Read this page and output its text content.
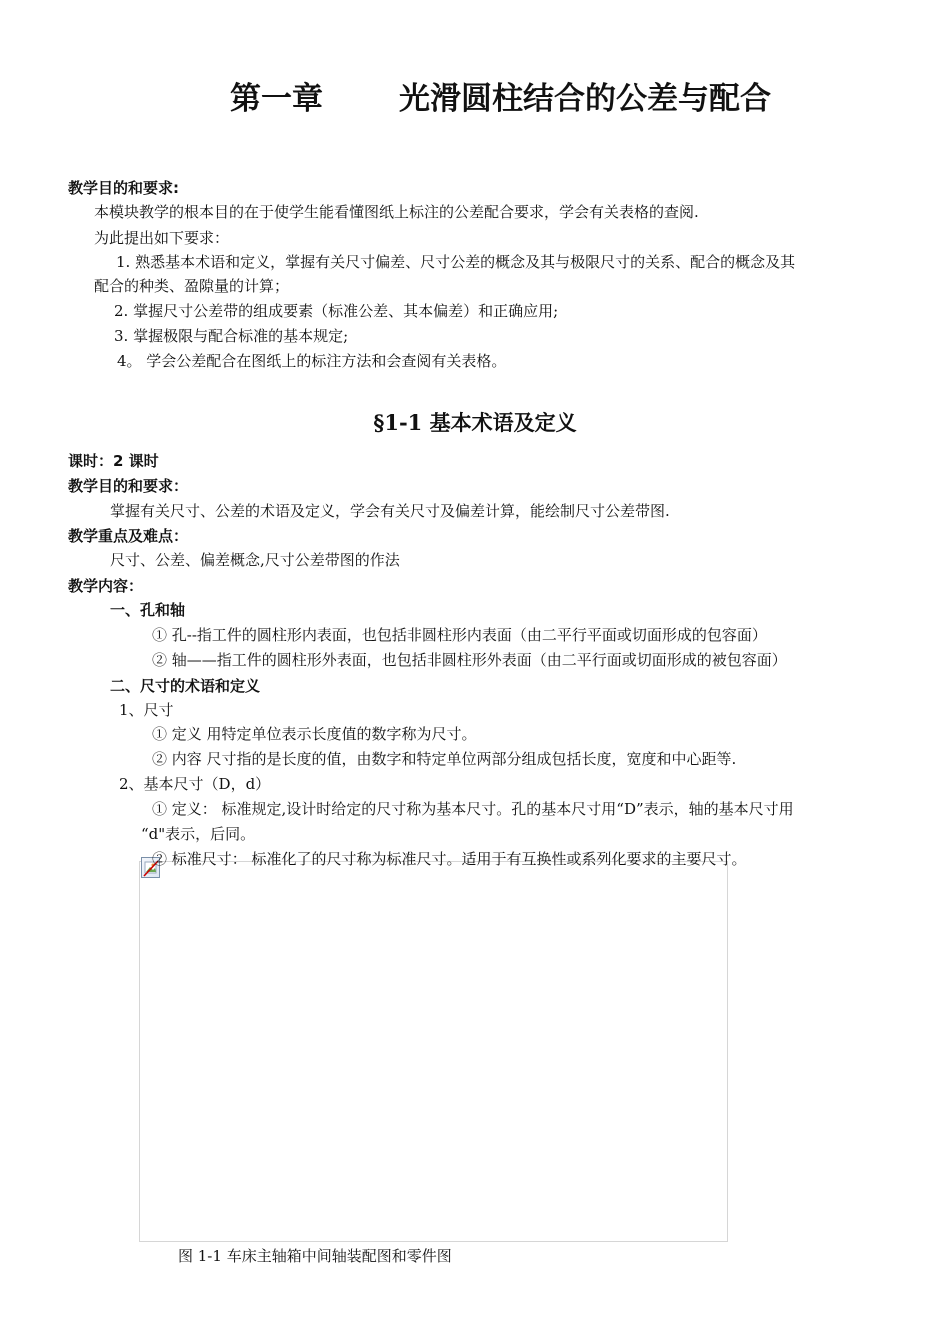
第一章 光滑圆柱结合的公差与配合
教学目的和要求:
本模块教学的根本目的在于使学生能看懂图纸上标注的公差配合要求，学会有关表格的查阅.
为此提出如下要求：
1. 熟悉基本术语和定义，掌握有关尺寸偏差、尺寸公差的概念及其与极限尺寸的关系、配合的概念及其
配合的种类、盈隙量的计算；
2. 掌握尺寸公差带的组成要素（标准公差、其本偏差）和正确应用;
3. 掌握极限与配合标准的基本规定;
4。 学会公差配合在图纸上的标注方法和会查阅有关表格。
§1-1 基本术语及定义
课时：2 课时
教学目的和要求：
掌握有关尺寸、公差的术语及定义，学会有关尺寸及偏差计算，能绘制尺寸公差带图.
教学重点及难点：
尺寸、公差、偏差概念,尺寸公差带图的作法
教学内容：
一、孔和轴
① 孔--指工件的圆柱形内表面，也包括非圆柱形内表面（由二平行平面或切面形成的包容面）
② 轴——指工件的圆柱形外表面，也包括非圆柱形外表面（由二平行面或切面形成的被包容面）
二、尺寸的术语和定义
1、尺寸
① 定义 用特定单位表示长度值的数字称为尺寸。
② 内容 尺寸指的是长度的值，由数字和特定单位两部分组成包括长度，宽度和中心距等.
2、基本尺寸（D，d）
① 定义： 标准规定,设计时给定的尺寸称为基本尺寸。孔的基本尺寸用“D”表示，轴的基本尺寸用
“d"表示，后同。
② 标准尺寸： 标准化了的尺寸称为标准尺寸。适用于有互换性或系列化要求的主要尺寸。
图 1-1 车床主轴箱中间轴装配图和零件图
